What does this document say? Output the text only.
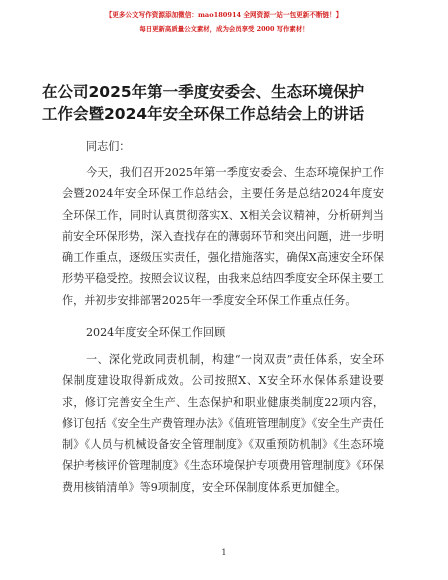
【更多公文写作资源添加微信：mao180914 全网资源一站一包更新不断链！】
每日更新高质量公文素材，成为会员享受 2000 写作素材！
在公司2025年第一季度安委会、生态环境保护
工作会暨2024年安全环保工作总结会上的讲话
同志们：
今天，我们召开2025年第一季度安委会、生态环境保护工作会暨2024年安全环保工作总结会，主要任务是总结2024年度安全环保工作，同时认真贯彻落实X、X相关会议精神，分析研判当前安全环保形势，深入查找存在的薄弱环节和突出问题，进一步明确工作重点，逐级压实责任，强化措施落实，确保X高速安全环保形势平稳受控。按照会议议程，由我来总结四季度安全环保主要工作，并初步安排部署2025年一季度安全环保工作重点任务。
2024年度安全环保工作回顾
一、深化党政同责机制，构建“一岗双责”责任体系，安全环保制度建设取得新成效。公司按照X、X安全环水保体系建设要求，修订完善安全生产、生态保护和职业健康类制度22项内容，修订包括《安全生产费管理办法》《值班管理制度》《安全生产责任制》《人员与机械设备安全管理制度》《双重预防机制》《生态环境保护考核评价管理制度》《生态环境保护专项费用管理制度》《环保费用核销清单》等9项制度，安全环保制度体系更加健全。
1
